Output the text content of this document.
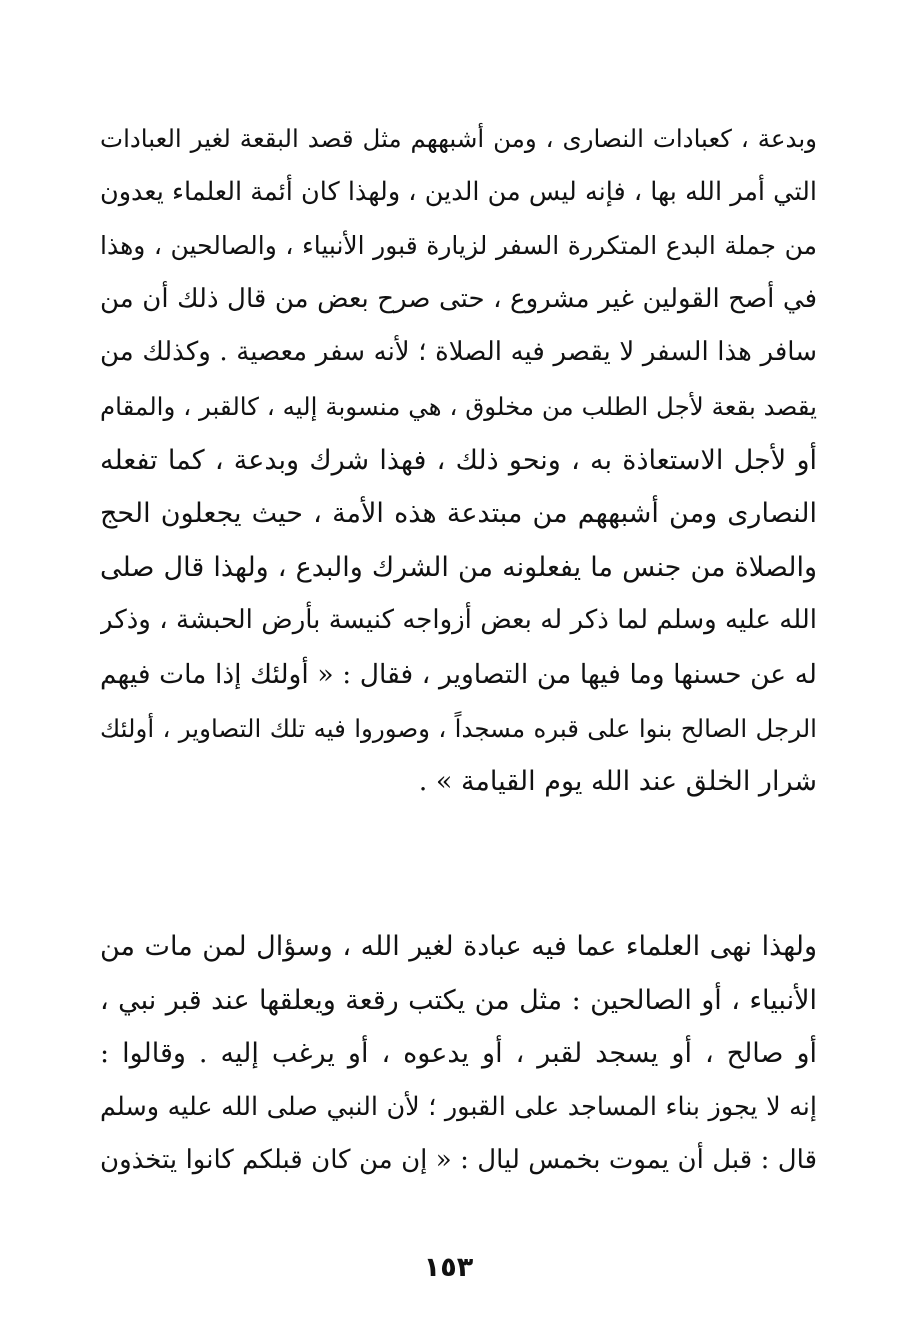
وبدعة ، كعبادات النصارى ، ومن أشبههم مثل قصد البقعة لغير العبادات
التي أمر الله بها ، فإنه ليس من الدين ، ولهذا كان أئمة العلماء يعدون
من جملة البدع المتكررة السفر لزيارة قبور الأنبياء ، والصالحين ، وهذا
في أصح القولين غير مشروع ، حتى صرح بعض من قال ذلك أن من
سافر هذا السفر لا يقصر فيه الصلاة ؛ لأنه سفر معصية . وكذلك من
يقصد بقعة لأجل الطلب من مخلوق ، هي منسوبة إليه ، كالقبر ، والمقام
أو لأجل الاستعاذة به ، ونحو ذلك ، فهذا شرك وبدعة ، كما تفعله
النصارى ومن أشبههم من مبتدعة هذه الأمة ، حيث يجعلون الحج
والصلاة من جنس ما يفعلونه من الشرك والبدع ، ولهذا قال صلى
الله عليه وسلم لما ذكر له بعض أزواجه كنيسة بأرض الحبشة ، وذكر
له عن حسنها وما فيها من التصاوير ، فقال : « أولئك إذا مات فيهم
الرجل الصالح بنوا على قبره مسجداً ، وصوروا فيه تلك التصاوير ، أولئك
شرار الخلق عند الله يوم القيامة » .
ولهذا نهى العلماء عما فيه عبادة لغير الله ، وسؤال لمن مات من
الأنبياء ، أو الصالحين : مثل من يكتب رقعة ويعلقها عند قبر نبي ،
أو صالح ، أو يسجد لقبر ، أو يدعوه ، أو يرغب إليه . وقالوا :
إنه لا يجوز بناء المساجد على القبور ؛ لأن النبي صلى الله عليه وسلم
قال : قبل أن يموت بخمس ليال : « إن من كان قبلكم كانوا يتخذون
١٥٣
